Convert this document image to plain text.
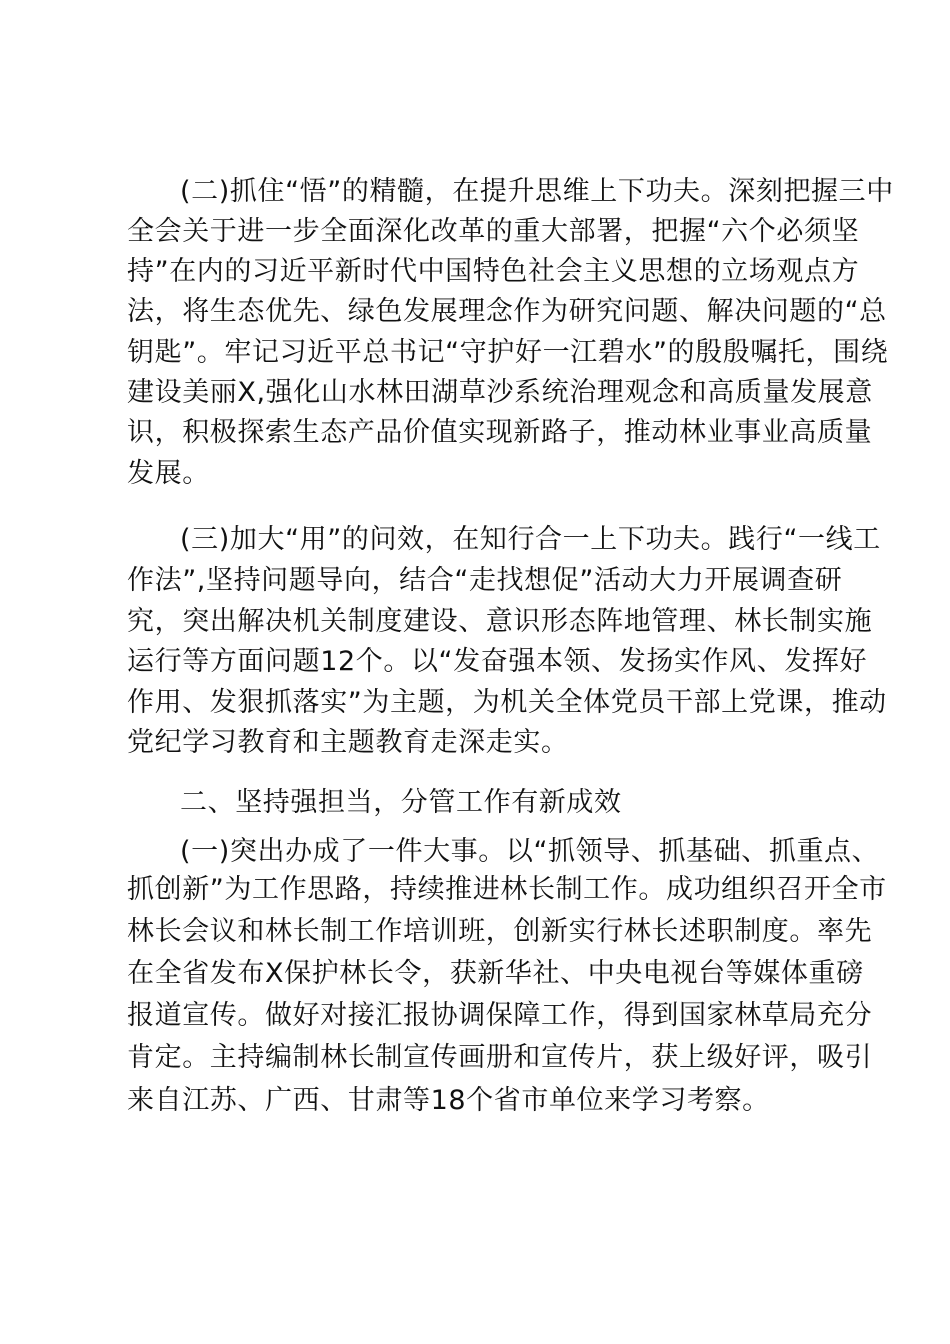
(二)抓住“悟”的精髓，在提升思维上下功夫。深刻把握三中
全会关于进一步全面深化改革的重大部署，把握“六个必须坚
持”在内的习近平新时代中国特色社会主义思想的立场观点方
法，将生态优先、绿色发展理念作为研究问题、解决问题的“总
钥匙”。牢记习近平总书记“守护好一江碧水”的殷殷嘱托，围绕
建设美丽X,强化山水林田湖草沙系统治理观念和高质量发展意
识，积极探索生态产品价值实现新路子，推动林业事业高质量
发展。
(三)加大“用”的问效，在知行合一上下功夫。践行“一线工
作法”,坚持问题导向，结合“走找想促”活动大力开展调查研
究，突出解决机关制度建设、意识形态阵地管理、林长制实施
运行等方面问题12个。以“发奋强本领、发扬实作风、发挥好
作用、发狠抓落实”为主题，为机关全体党员干部上党课，推动
党纪学习教育和主题教育走深走实。
二、坚持强担当，分管工作有新成效
(一)突出办成了一件大事。以“抓领导、抓基础、抓重点、
抓创新”为工作思路，持续推进林长制工作。成功组织召开全市
林长会议和林长制工作培训班，创新实行林长述职制度。率先
在全省发布X保护林长令，获新华社、中央电视台等媒体重磅
报道宣传。做好对接汇报协调保障工作，得到国家林草局充分
肯定。主持编制林长制宣传画册和宣传片，获上级好评，吸引
来自江苏、广西、甘肃等18个省市单位来学习考察。
